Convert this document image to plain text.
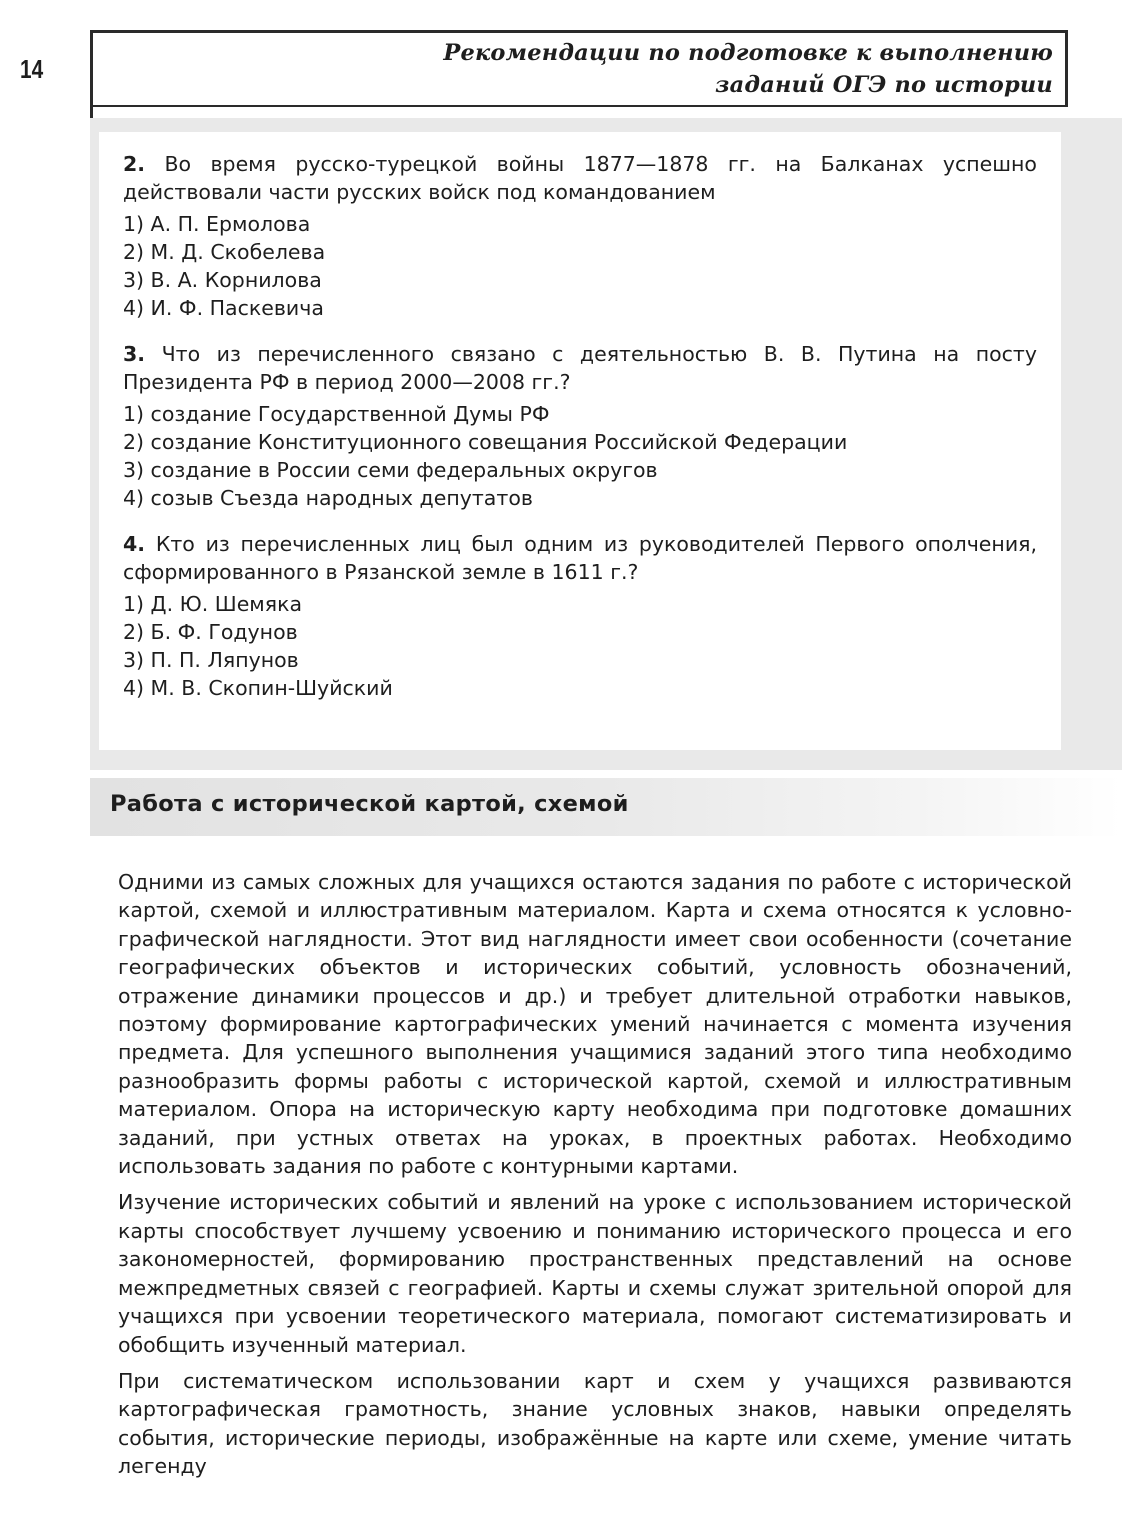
14
Рекомендации по подготовке к выполнению
заданий ОГЭ по истории
2. Во время русско-турецкой войны 1877—1878 гг. на Балканах успешно действовали части русских войск под командованием
1) А. П. Ермолова
2) М. Д. Скобелева
3) В. А. Корнилова
4) И. Ф. Паскевича
3. Что из перечисленного связано с деятельностью В. В. Путина на посту Президента РФ в период 2000—2008 гг.?
1) создание Государственной Думы РФ
2) создание Конституционного совещания Российской Федерации
3) создание в России семи федеральных округов
4) созыв Съезда народных депутатов
4. Кто из перечисленных лиц был одним из руководителей Первого ополчения, сформированного в Рязанской земле в 1611 г.?
1) Д. Ю. Шемяка
2) Б. Ф. Годунов
3) П. П. Ляпунов
4) М. В. Скопин-Шуйский
Работа с исторической картой, схемой

Одними из самых сложных для учащихся остаются задания по работе с исторической картой, схемой и иллюстративным материалом. Карта и схема относятся к условно-графической наглядности. Этот вид наглядности имеет свои особенности (сочетание географических объектов и исторических событий, условность обозначений, отражение динамики процессов и др.) и требует длительной отработки навыков, поэтому формирование картографических умений начинается с момента изучения предмета. Для успешного выполнения учащимися заданий этого типа необходимо разнообразить формы работы с исторической картой, схемой и иллюстративным материалом. Опора на историческую карту необходима при подготовке домашних заданий, при устных ответах на уроках, в проектных работах. Необходимо использовать задания по работе с контурными картами.

Изучение исторических событий и явлений на уроке с использованием исторической карты способствует лучшему усвоению и пониманию исторического процесса и его закономерностей, формированию пространственных представлений на основе межпредметных связей с географией. Карты и схемы служат зрительной опорой для учащихся при усвоении теоретического материала, помогают систематизировать и обобщить изученный материал.

При систематическом использовании карт и схем у учащихся развиваются картографическая грамотность, знание условных знаков, навыки определять события, исторические периоды, изображённые на карте или схеме, умение читать легенду
